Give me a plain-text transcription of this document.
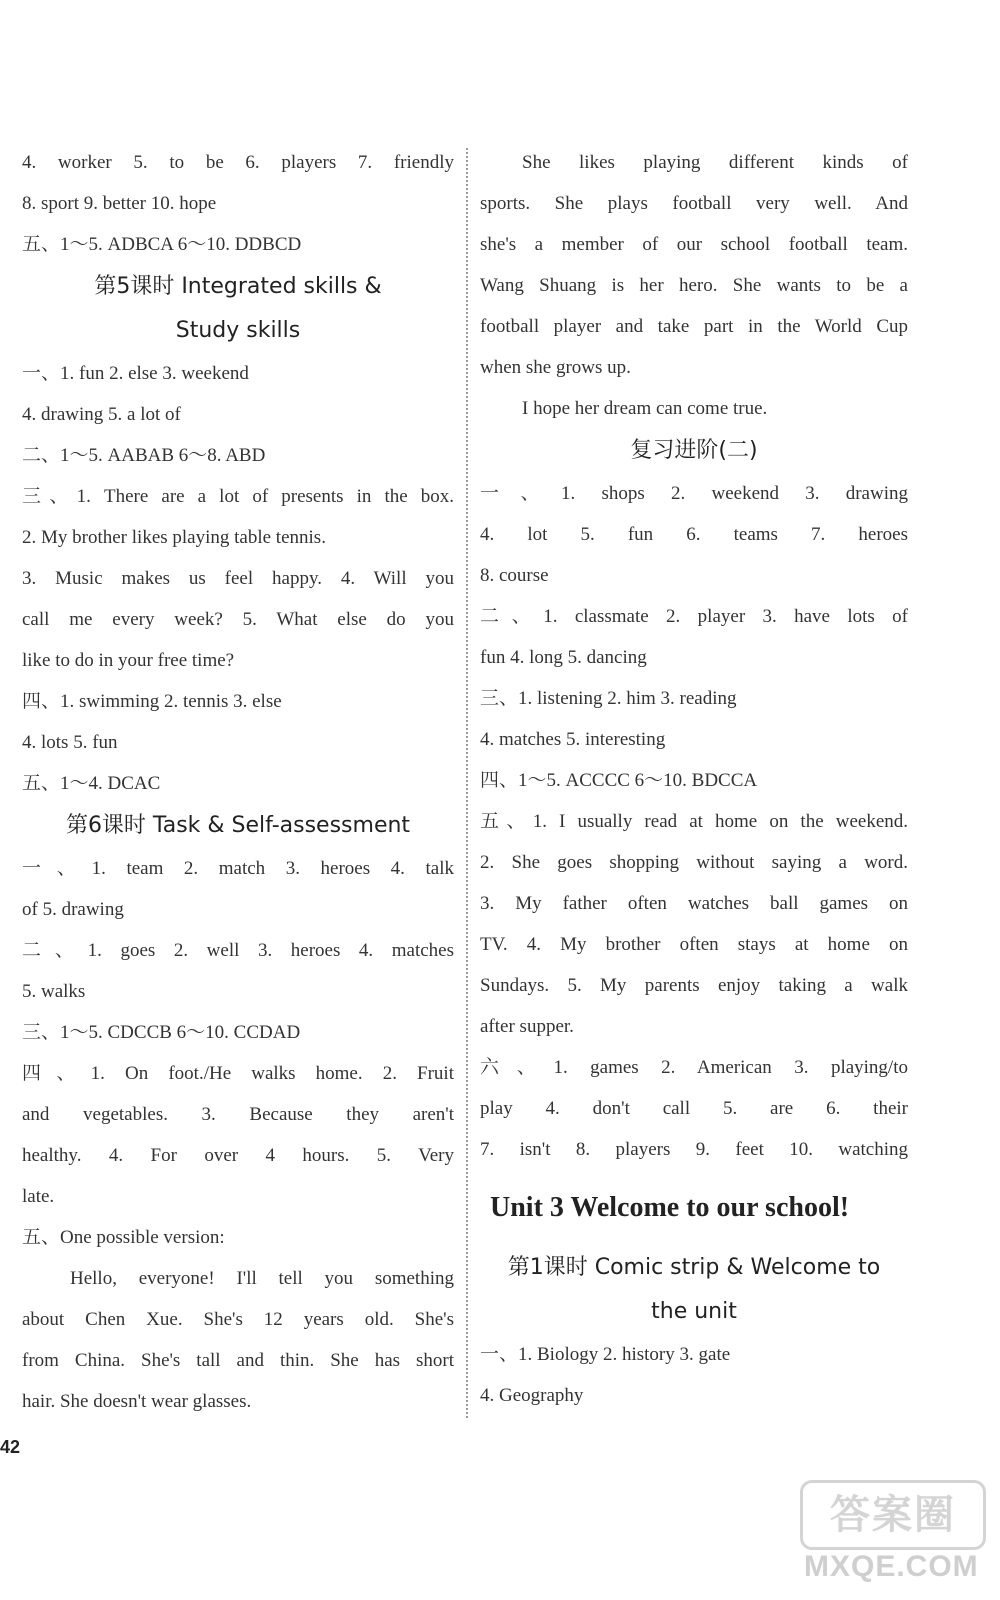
4. worker 5. to be 6. players 7. friendly
8. sport 9. better 10. hope
五、1～5. ADBCA 6～10. DDBCD
第5课时 Integrated skills &
Study skills
一、1. fun 2. else 3. weekend
4. drawing 5. a lot of
二、1～5. AABAB 6～8. ABD
三、1. There are a lot of presents in the box.
2. My brother likes playing table tennis.
3. Music makes us feel happy. 4. Will you
call me every week? 5. What else do you
like to do in your free time?
四、1. swimming 2. tennis 3. else
4. lots 5. fun
五、1～4. DCAC
第6课时 Task & Self-assessment
一、1. team 2. match 3. heroes 4. talk
of 5. drawing
二、1. goes 2. well 3. heroes 4. matches
5. walks
三、1～5. CDCCB 6～10. CCDAD
四、1. On foot./He walks home. 2. Fruit
and vegetables. 3. Because they aren't
healthy. 4. For over 4 hours. 5. Very
late.
五、One possible version:
Hello, everyone! I'll tell you something
about Chen Xue. She's 12 years old. She's
from China. She's tall and thin. She has short
hair. She doesn't wear glasses.
She likes playing different kinds of
sports. She plays football very well. And
she's a member of our school football team.
Wang Shuang is her hero. She wants to be a
football player and take part in the World Cup
when she grows up.
I hope her dream can come true.
复习进阶(二)
一、1. shops 2. weekend 3. drawing
4. lot 5. fun 6. teams 7. heroes
8. course
二、1. classmate 2. player 3. have lots of
fun 4. long 5. dancing
三、1. listening 2. him 3. reading
4. matches 5. interesting
四、1～5. ACCCC 6～10. BDCCA
五、1. I usually read at home on the weekend.
2. She goes shopping without saying a word.
3. My father often watches ball games on
TV. 4. My brother often stays at home on
Sundays. 5. My parents enjoy taking a walk
after supper.
六、1. games 2. American 3. playing/to
play 4. don't call 5. are 6. their
7. isn't 8. players 9. feet 10. watching
Unit 3 Welcome to our school!
第1课时 Comic strip & Welcome to
the unit
一、1. Biology 2. history 3. gate
4. Geography
42
答案圈
MXQE.COM
